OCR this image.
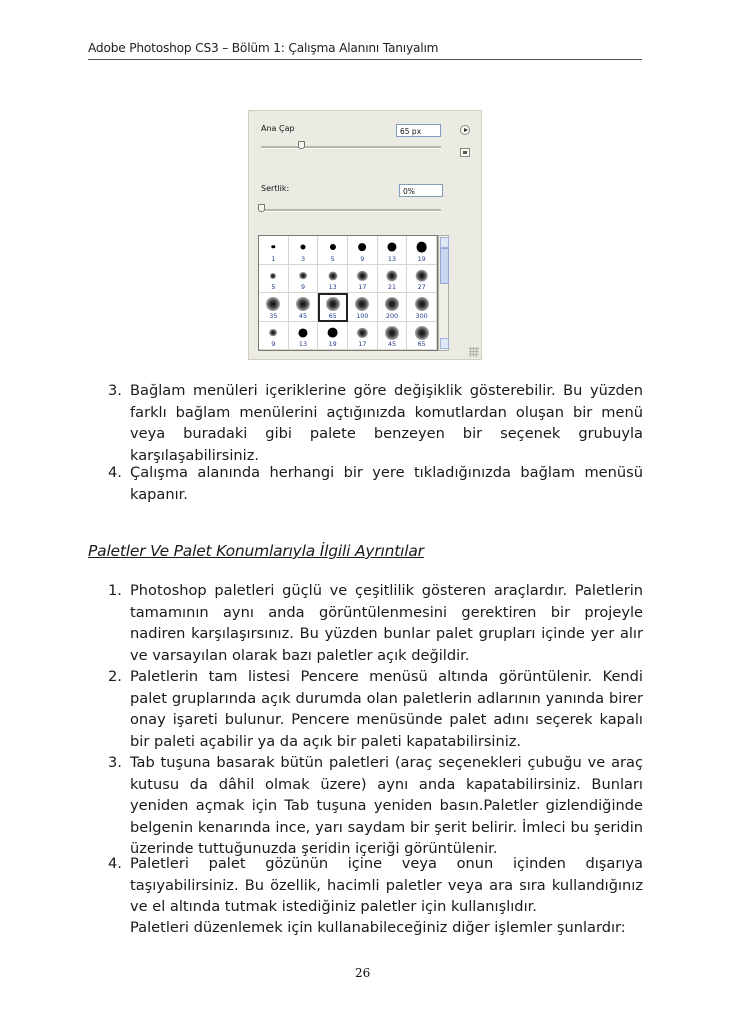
Adobe Photoshop CS3 – Bölüm 1: Çalışma Alanını Tanıyalım
Ana Çap	65 px
Sertlik:	0%
1	3	5	9	13	19
5	9	13	17	21	27
35	45	65	100	200	300
9	13	19	17	45	65
3. Bağlam menüleri içeriklerine göre değişiklik gösterebilir. Bu yüzden farklı bağlam menülerini açtığınızda komutlardan oluşan bir menü veya buradaki gibi palete benzeyen bir seçenek grubuyla karşılaşabilirsiniz.
4. Çalışma alanında herhangi bir yere tıkladığınızda bağlam menüsü kapanır.
Paletler Ve Palet Konumlarıyla İlgili Ayrıntılar
1. Photoshop paletleri güçlü ve çeşitlilik gösteren araçlardır. Paletlerin tamamının aynı anda görüntülenmesini gerektiren bir projeyle nadiren karşılaşırsınız. Bu yüzden bunlar palet grupları içinde yer alır ve varsayılan olarak bazı paletler açık değildir.
2. Paletlerin tam listesi Pencere menüsü altında görüntülenir. Kendi palet gruplarında açık durumda olan paletlerin adlarının yanında birer onay işareti bulunur. Pencere menüsünde palet adını seçerek kapalı bir paleti açabilir ya da açık bir paleti kapatabilirsiniz.
3. Tab tuşuna basarak bütün paletleri (araç seçenekleri çubuğu ve araç kutusu da dâhil olmak üzere) aynı anda kapatabilirsiniz. Bunları yeniden açmak için Tab tuşuna yeniden basın.Paletler gizlendiğinde belgenin kenarında ince, yarı saydam bir şerit belirir. İmleci bu şeridin üzerinde tuttuğunuzda şeridin içeriği görüntülenir.
4. Paletleri palet gözünün içine veya onun içinden dışarıya taşıyabilirsiniz. Bu özellik, hacimli paletler veya ara sıra kullandığınız ve el altında tutmak istediğiniz paletler için kullanışlıdır.
Paletleri düzenlemek için kullanabileceğiniz diğer işlemler şunlardır:
26
